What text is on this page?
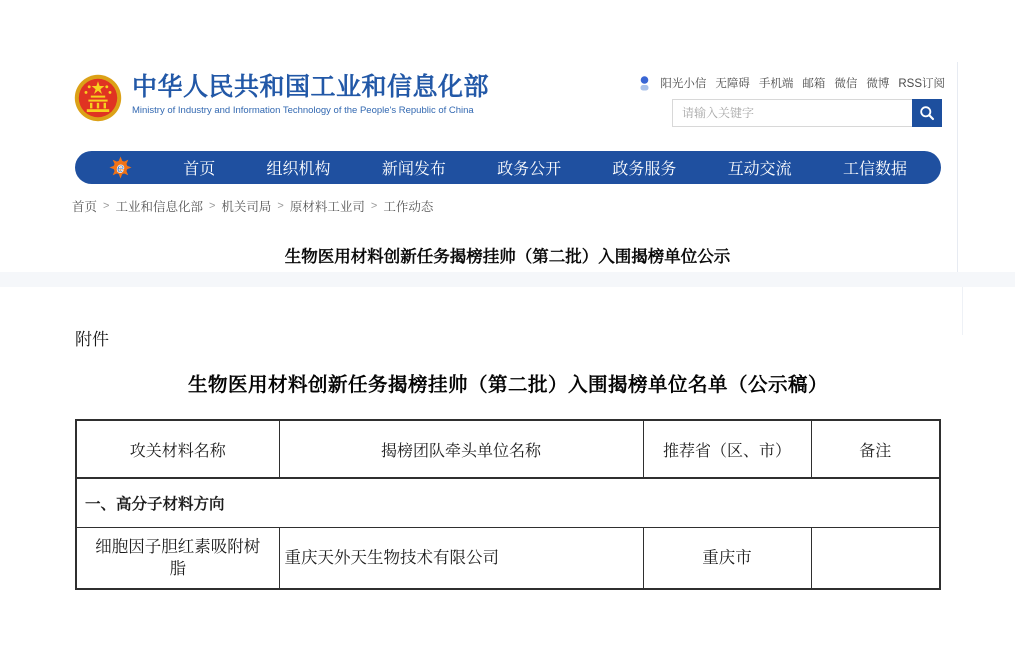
中华人民共和国工业和信息化部
Ministry of Industry and Information Technology of the People's Republic of China
阳光小信 无障碍 手机端 邮箱 微信 微博 RSS订阅
请输入关键字
e	首页	组织机构	新闻发布	政务公开	政务服务	互动交流	工信数据
首页 > 工业和信息化部 > 机关司局 > 原材料工业司 > 工作动态
生物医用材料创新任务揭榜挂帅（第二批）入围揭榜单位公示
附件
生物医用材料创新任务揭榜挂帅（第二批）入围揭榜单位名单（公示稿）
攻关材料名称	揭榜团队牵头单位名称	推荐省（区、市）	备注
一、高分子材料方向			
细胞因子胆红素吸附树脂	重庆天外天生物技术有限公司	重庆市	
